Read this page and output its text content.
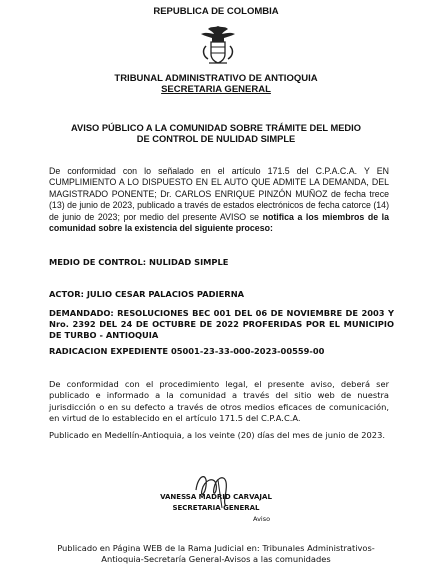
REPUBLICA DE COLOMBIA
TRIBUNAL ADMINISTRATIVO DE ANTIOQUIA
SECRETARIA GENERAL
AVISO PÚBLICO A LA COMUNIDAD SOBRE TRÁMITE DEL MEDIO
DE CONTROL DE NULIDAD SIMPLE
De conformidad con lo señalado en el artículo 171.5 del C.P.A.C.A. Y EN CUMPLIMIENTO A LO DISPUESTO EN EL AUTO QUE ADMITE LA DEMANDA, DEL MAGISTRADO PONENTE; Dr. CARLOS ENRIQUE PINZÓN MUÑOZ de fecha trece (13) de junio de 2023, publicado a través de estados electrónicos de fecha catorce (14) de junio de 2023; por medio del presente AVISO se notifica a los miembros de la comunidad sobre la existencia del siguiente proceso:
MEDIO DE CONTROL: NULIDAD SIMPLE
ACTOR: JULIO CESAR PALACIOS PADIERNA
DEMANDADO: RESOLUCIONES BEC 001 DEL 06 DE NOVIEMBRE DE 2003 Y Nro. 2392 DEL 24 DE OCTUBRE DE 2022 PROFERIDAS POR EL MUNICIPIO DE TURBO - ANTIOQUIA
RADICACION EXPEDIENTE 05001-23-33-000-2023-00559-00
De conformidad con el procedimiento legal, el presente aviso, deberá ser publicado e informado a la comunidad a través del sitio web de nuestra jurisdicción o en su defecto a través de otros medios eficaces de comunicación, en virtud de lo establecido en el artículo 171.5 del C.P.A.C.A.
Publicado en Medellín-Antioquia, a los veinte (20) días del mes de junio de 2023.
VANESSA MADRID CARVAJAL
SECRETARIA GENERAL
Aviso
Publicado en Página WEB de la Rama Judicial en: Tribunales Administrativos-
Antioquia-Secretaría General-Avisos a las comunidades
